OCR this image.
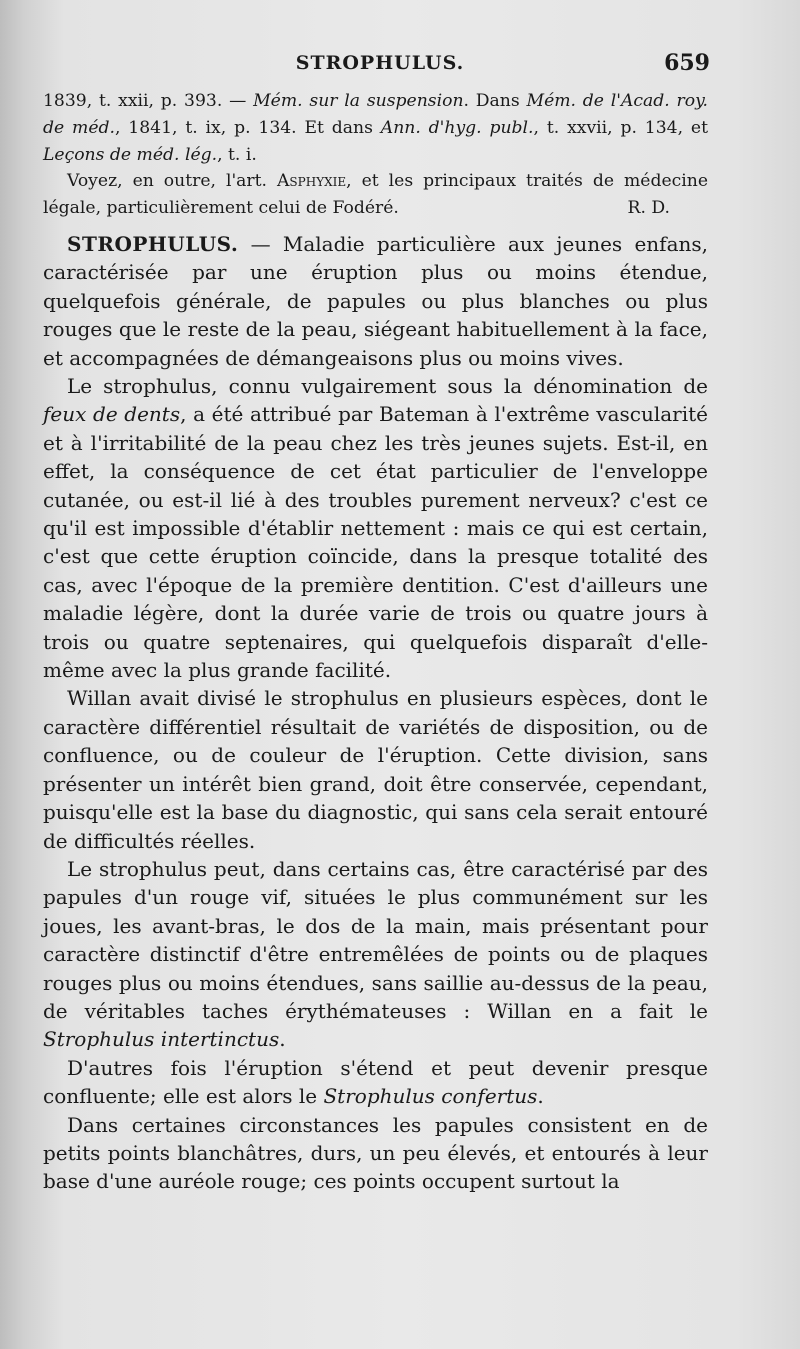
STROPHULUS.	659

1839, t. xxii, p. 393. — Mém. sur la suspension. Dans Mém. de l'Acad. roy. de méd., 1841, t. ix, p. 134. Et dans Ann. d'hyg. publ., t. xxvii, p. 134, et Leçons de méd. lég., t. i.

Voyez, en outre, l'art. Asphyxie, et les principaux traités de médecine légale, particulièrement celui de Fodéré.	R. D.

STROPHULUS. — Maladie particulière aux jeunes enfans, caractérisée par une éruption plus ou moins étendue, quelquefois générale, de papules ou plus blanches ou plus rouges que le reste de la peau, siégeant habituellement à la face, et accompagnées de démangeaisons plus ou moins vives.

Le strophulus, connu vulgairement sous la dénomination de feux de dents, a été attribué par Bateman à l'extrême vascularité et à l'irritabilité de la peau chez les très jeunes sujets. Est-il, en effet, la conséquence de cet état particulier de l'enveloppe cutanée, ou est-il lié à des troubles purement nerveux? c'est ce qu'il est impossible d'établir nettement : mais ce qui est certain, c'est que cette éruption coïncide, dans la presque totalité des cas, avec l'époque de la première dentition. C'est d'ailleurs une maladie légère, dont la durée varie de trois ou quatre jours à trois ou quatre septenaires, qui quelquefois disparaît d'elle-même avec la plus grande facilité.

Willan avait divisé le strophulus en plusieurs espèces, dont le caractère différentiel résultait de variétés de disposition, ou de confluence, ou de couleur de l'éruption. Cette division, sans présenter un intérêt bien grand, doit être conservée, cependant, puisqu'elle est la base du diagnostic, qui sans cela serait entouré de difficultés réelles.

Le strophulus peut, dans certains cas, être caractérisé par des papules d'un rouge vif, situées le plus communément sur les joues, les avant-bras, le dos de la main, mais présentant pour caractère distinctif d'être entremêlées de points ou de plaques rouges plus ou moins étendues, sans saillie au-dessus de la peau, de véritables taches érythémateuses : Willan en a fait le Strophulus intertinctus.

D'autres fois l'éruption s'étend et peut devenir presque confluente; elle est alors le Strophulus confertus.

Dans certaines circonstances les papules consistent en de petits points blanchâtres, durs, un peu élevés, et entourés à leur base d'une auréole rouge; ces points occupent surtout la
